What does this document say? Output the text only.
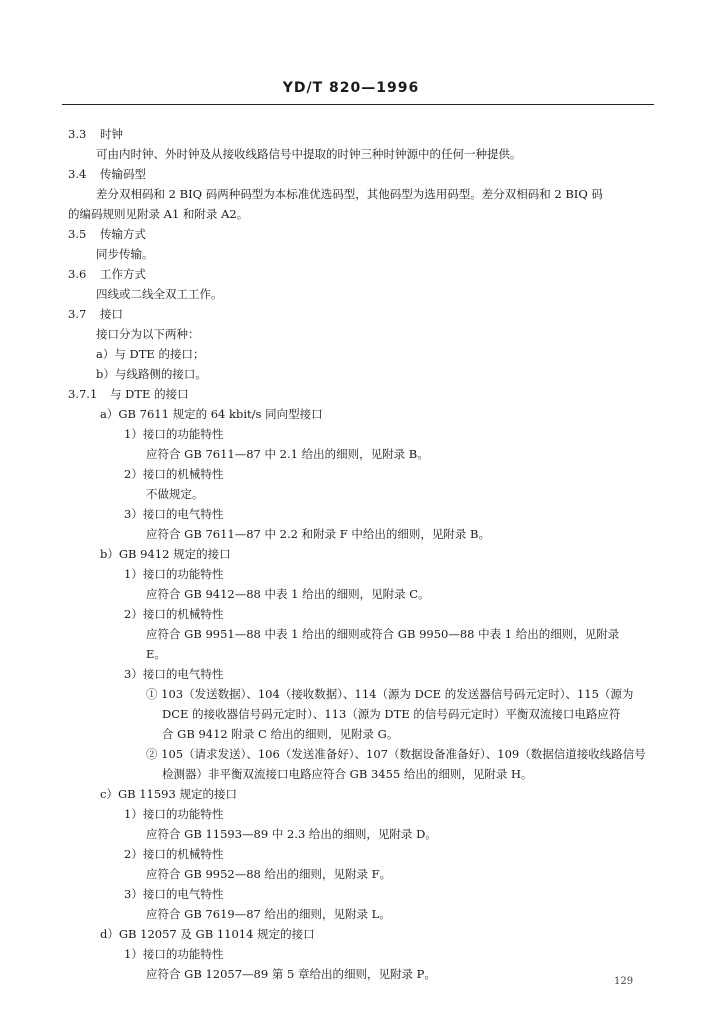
YD/T 820—1996
3.3 时钟
可由内时钟、外时钟及从接收线路信号中提取的时钟三种时钟源中的任何一种提供。
3.4 传输码型
差分双相码和 2 BIQ 码两种码型为本标准优选码型，其他码型为选用码型。差分双相码和 2 BIQ 码
的编码规则见附录 A1 和附录 A2。
3.5 传输方式
同步传输。
3.6 工作方式
四线或二线全双工工作。
3.7 接口
接口分为以下两种：
a）与 DTE 的接口；
b）与线路侧的接口。
3.7.1 与 DTE 的接口
a）GB 7611 规定的 64 kbit/s 同向型接口
1）接口的功能特性
应符合 GB 7611—87 中 2.1 给出的细则，见附录 B。
2）接口的机械特性
不做规定。
3）接口的电气特性
应符合 GB 7611—87 中 2.2 和附录 F 中给出的细则，见附录 B。
b）GB 9412 规定的接口
1）接口的功能特性
应符合 GB 9412—88 中表 1 给出的细则，见附录 C。
2）接口的机械特性
应符合 GB 9951—88 中表 1 给出的细则或符合 GB 9950—88 中表 1 给出的细则，见附录
E。
3）接口的电气特性
① 103（发送数据）、104（接收数据）、114（源为 DCE 的发送器信号码元定时）、115（源为
DCE 的接收器信号码元定时）、113（源为 DTE 的信号码元定时）平衡双流接口电路应符
合 GB 9412 附录 C 给出的细则，见附录 G。
② 105（请求发送）、106（发送准备好）、107（数据设备准备好）、109（数据信道接收线路信号
检测器）非平衡双流接口电路应符合 GB 3455 给出的细则，见附录 H。
c）GB 11593 规定的接口
1）接口的功能特性
应符合 GB 11593—89 中 2.3 给出的细则，见附录 D。
2）接口的机械特性
应符合 GB 9952—88 给出的细则，见附录 F。
3）接口的电气特性
应符合 GB 7619—87 给出的细则，见附录 L。
d）GB 12057 及 GB 11014 规定的接口
1）接口的功能特性
应符合 GB 12057—89 第 5 章给出的细则，见附录 P。
129
